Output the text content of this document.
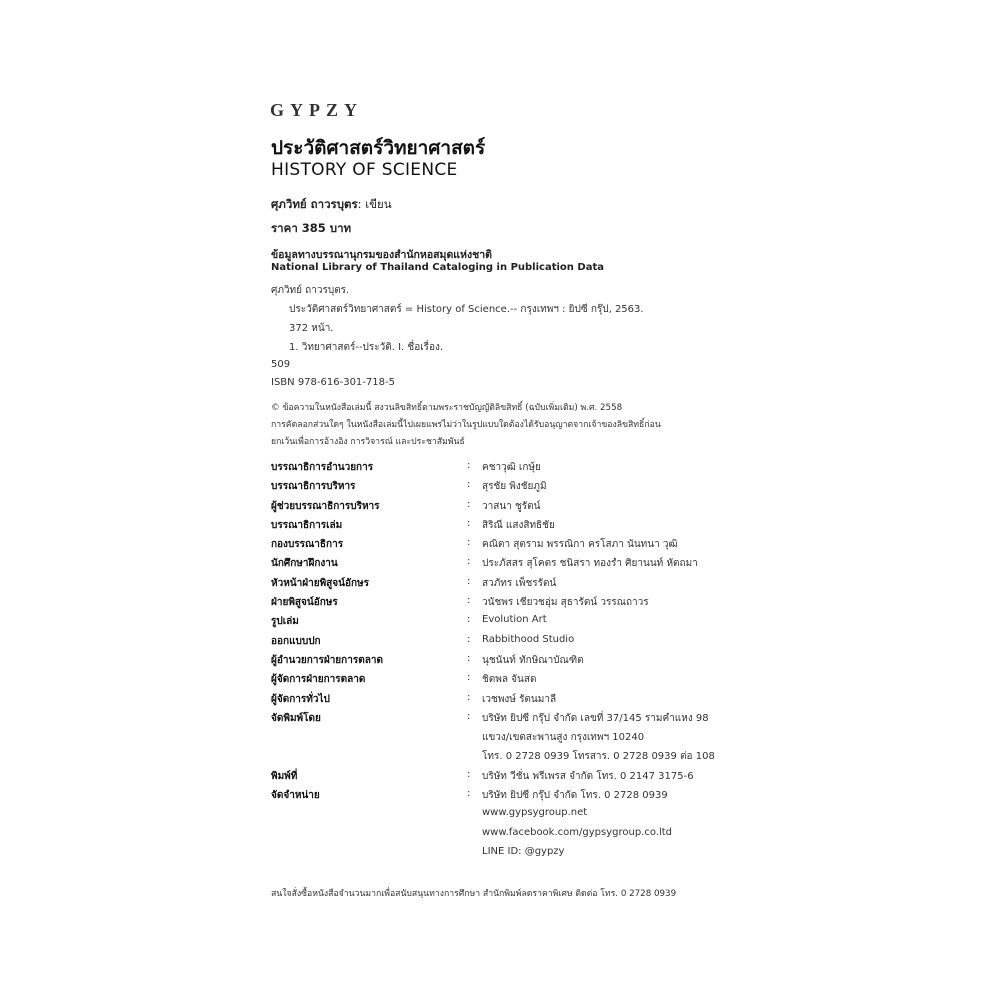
GYPZY
ประวัติศาสตร์วิทยาศาสตร์
HISTORY OF SCIENCE
ศุภวิทย์ ถาวรบุตร: เขียน
ราคา 385 บาท
ข้อมูลทางบรรณานุกรมของสำนักหอสมุดแห่งชาติ
National Library of Thailand Cataloging in Publication Data
ศุภวิทย์ ถาวรบุตร.
ประวัติศาสตร์วิทยาศาสตร์ = History of Science.-- กรุงเทพฯ : ยิปซี กรุ๊ป, 2563.
372 หน้า.
1. วิทยาศาสตร์--ประวัติ. I. ชื่อเรื่อง.
509
ISBN 978-616-301-718-5
© ข้อความในหนังสือเล่มนี้ สงวนลิขสิทธิ์ตามพระราชบัญญัติลิขสิทธิ์ (ฉบับเพิ่มเติม) พ.ศ. 2558
การคัดลอกส่วนใดๆ ในหนังสือเล่มนี้ไปเผยแพร่ไม่ว่าในรูปแบบใดต้องได้รับอนุญาตจากเจ้าของลิขสิทธิ์ก่อน
ยกเว้นเพื่อการอ้างอิง การวิจารณ์ และประชาสัมพันธ์
บรรณาธิการอำนวยการ	: คชาวุฒิ เกษุ้ย
บรรณาธิการบริหาร	: สุรชัย พิงชัยภูมิ
ผู้ช่วยบรรณาธิการบริหาร	: วาสนา ชูรัตน์
บรรณาธิการเล่ม	: สิริณี แสงสิทธิชัย
กองบรรณาธิการ	: คณิตา สุตราม พรรณิกา ครโสภา นันทนา วุฒิ
นักศึกษาฝึกงาน	: ประภัสสร สุโคตร ชนิสรา ทองรำ ศิยานนท์ หัตถมา
หัวหน้าฝ่ายพิสูจน์อักษร	: สวภัทร เพ็ชรรัตน์
ฝ่ายพิสูจน์อักษร	: วนัชพร เชียวชอุ่ม สุธารัตน์ วรรณถาวร
รูปเล่ม	: Evolution Art
ออกแบบปก	: Rabbithood Studio
ผู้อำนวยการฝ่ายการตลาด	: นุชนันท์ ทักษิณาบัณฑิต
ผู้จัดการฝ่ายการตลาด	: ชิตพล จันสด
ผู้จัดการทั่วไป	: เวชพงษ์ รัตนมาลี
จัดพิมพ์โดย	: บริษัท ยิปซี กรุ๊ป จำกัด เลขที่ 37/145 รามคำแหง 98
แขวง/เขตสะพานสูง กรุงเทพฯ 10240
โทร. 0 2728 0939 โทรสาร. 0 2728 0939 ต่อ 108
พิมพ์ที่	: บริษัท วีชั่น พรีเพรส จำกัด โทร. 0 2147 3175-6
จัดจำหน่าย	: บริษัท ยิปซี กรุ๊ป จำกัด โทร. 0 2728 0939
www.gypsygroup.net
www.facebook.com/gypsygroup.co.ltd
LINE ID: @gypzy
สนใจสั่งซื้อหนังสือจำนวนมากเพื่อสนับสนุนทางการศึกษา สำนักพิมพ์ลดราคาพิเศษ ติดต่อ โทร. 0 2728 0939
